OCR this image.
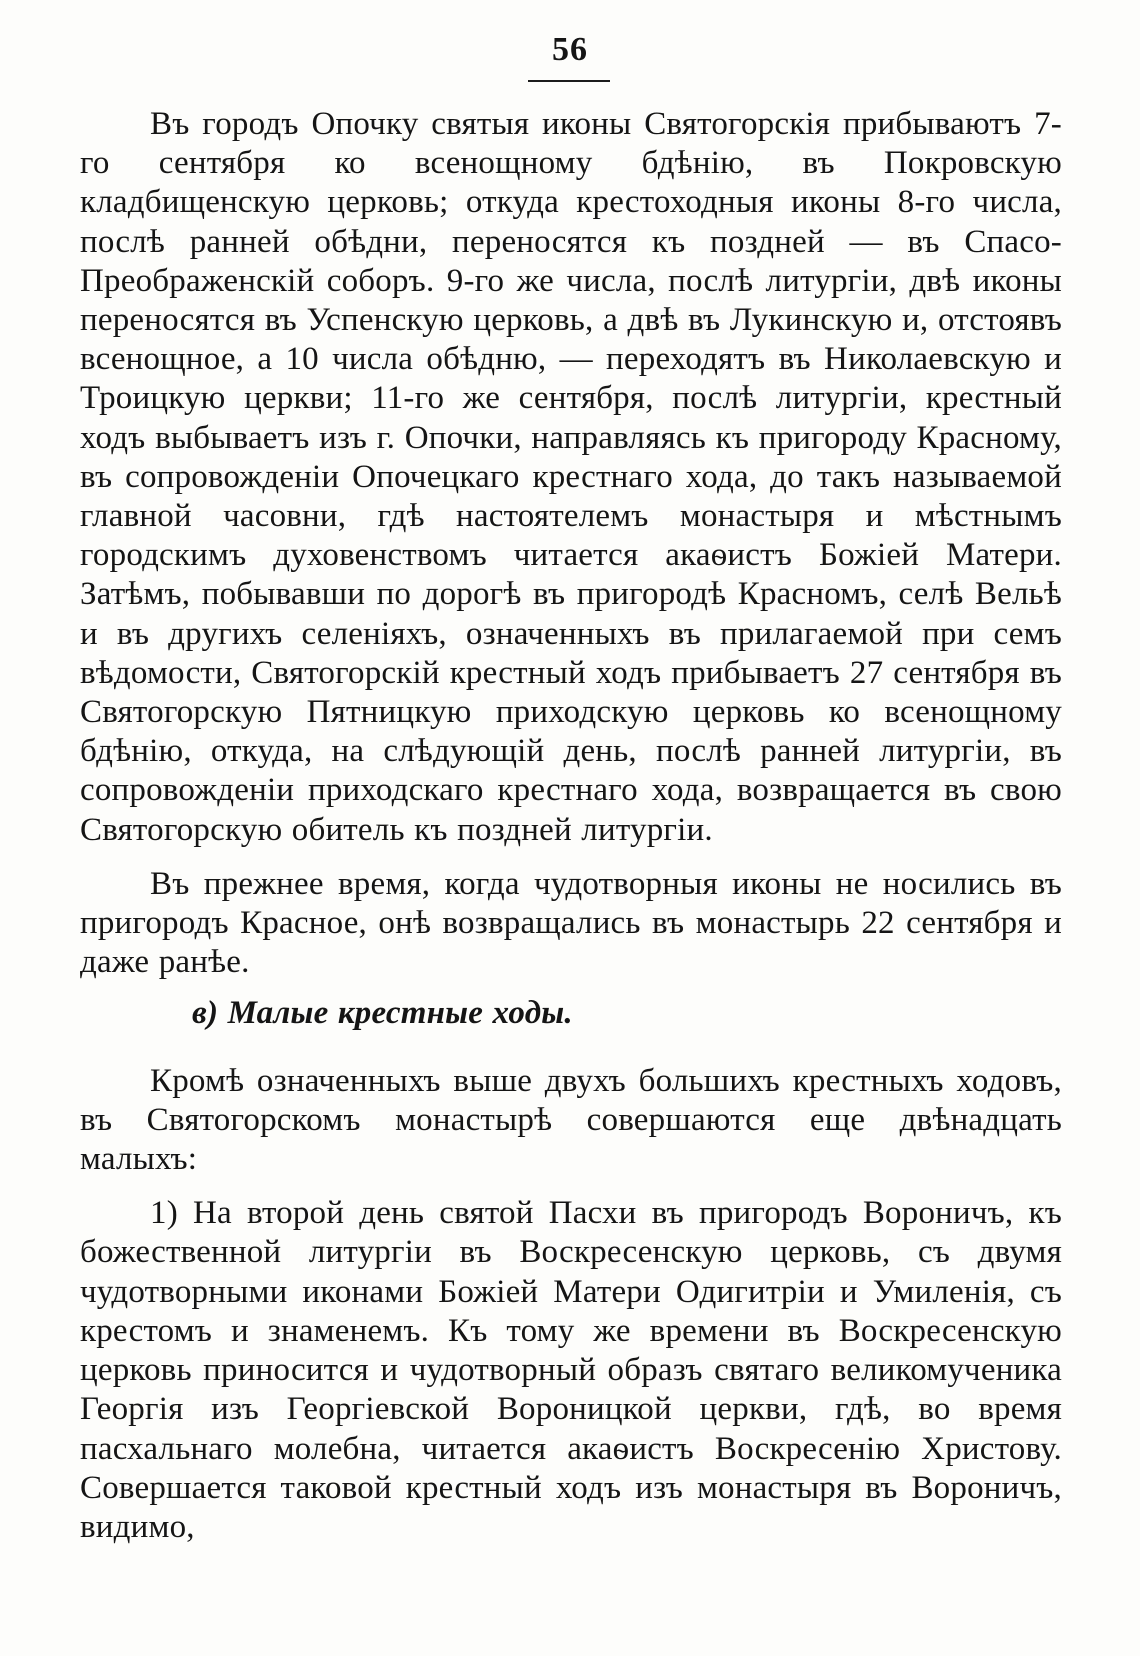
56

Въ городъ Опочку святыя иконы Святогорскія прибываютъ 7-го сентября ко всенощному бдѣнію, въ Покровскую кладбищенскую церковь; откуда крестоходныя иконы 8-го числа, послѣ ранней обѣдни, переносятся къ поздней — въ Спасо-Преображенскій соборъ. 9-го же числа, послѣ литургіи, двѣ иконы переносятся въ Успенскую церковь, а двѣ въ Лукинскую и, отстоявъ всенощное, а 10 числа обѣдню, — переходятъ въ Николаевскую и Троицкую церкви; 11-го же сентября, послѣ литургіи, крестный ходъ выбываетъ изъ г. Опочки, направляясь къ пригороду Красному, въ сопровожденіи Опочецкаго крестнаго хода, до такъ называемой главной часовни, гдѣ настоятелемъ монастыря и мѣстнымъ городскимъ духовенствомъ читается акаѳистъ Божіей Матери. Затѣмъ, побывавши по дорогѣ въ пригородѣ Красномъ, селѣ Вельѣ и въ другихъ селеніяхъ, означенныхъ въ прилагаемой при семъ вѣдомости, Святогорскій крестный ходъ прибываетъ 27 сентября въ Святогорскую Пятницкую приходскую церковь ко всенощному бдѣнію, откуда, на слѣдующій день, послѣ ранней литургіи, въ сопровожденіи приходскаго крестнаго хода, возвращается въ свою Святогорскую обитель къ поздней литургіи.

Въ прежнее время, когда чудотворныя иконы не носились въ пригородъ Красное, онѣ возвращались въ монастырь 22 сентября и даже ранѣе.

в) Малые крестные ходы.

Кромѣ означенныхъ выше двухъ большихъ крестныхъ ходовъ, въ Святогорскомъ монастырѣ совершаются еще двѣнадцать малыхъ:

1) На второй день святой Пасхи въ пригородъ Вороничъ, къ божественной литургіи въ Воскресенскую церковь, съ двумя чудотворными иконами Божіей Матери Одигитріи и Умиленія, съ крестомъ и знаменемъ. Къ тому же времени въ Воскресенскую церковь приносится и чудотворный образъ святаго великомученика Георгія изъ Георгіевской Вороницкой церкви, гдѣ, во время пасхальнаго молебна, читается акаѳистъ Воскресенію Христову. Совершается таковой крестный ходъ изъ монастыря въ Вороничъ, видимо,
